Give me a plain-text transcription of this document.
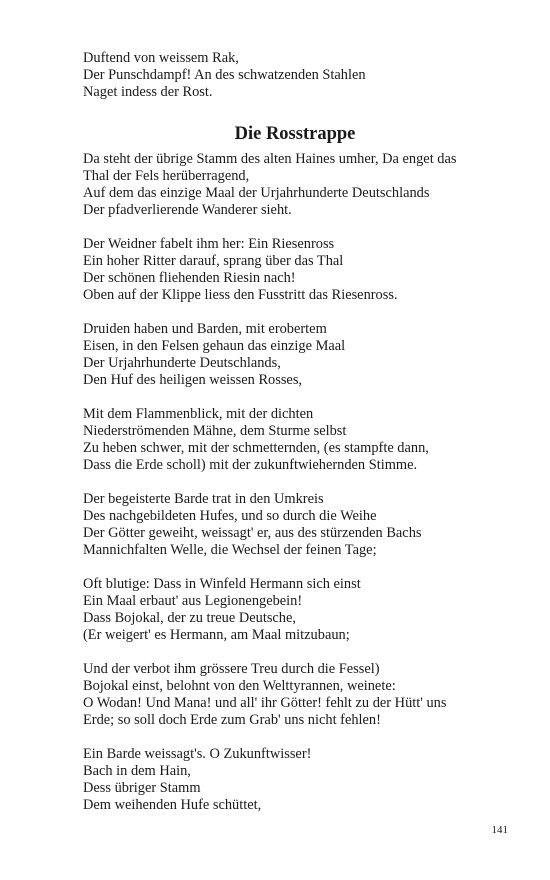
Duftend von weissem Rak,
Der Punschdampf! An des schwatzenden Stahlen
Naget indess der Rost.
Die Rosstrappe
Da steht der übrige Stamm des alten Haines umher, Da enget das
Thal der Fels herüberragend,
Auf dem das einzige Maal der Urjahrhunderte Deutschlands
Der pfadverlierende Wanderer sieht.
Der Weidner fabelt ihm her: Ein Riesenross
Ein hoher Ritter darauf, sprang über das Thal
Der schönen fliehenden Riesin nach!
Oben auf der Klippe liess den Fusstritt das Riesenross.
Druiden haben und Barden, mit erobertem
Eisen, in den Felsen gehaun das einzige Maal
Der Urjahrhunderte Deutschlands,
Den Huf des heiligen weissen Rosses,
Mit dem Flammenblick, mit der dichten
Niederströmenden Mähne, dem Sturme selbst
Zu heben schwer, mit der schmetternden, (es stampfte dann,
Dass die Erde scholl) mit der zukunftwiehernden Stimme.
Der begeisterte Barde trat in den Umkreis
Des nachgebildeten Hufes, und so durch die Weihe
Der Götter geweiht, weissagt' er, aus des stürzenden Bachs
Mannichfalten Welle, die Wechsel der feinen Tage;
Oft blutige: Dass in Winfeld Hermann sich einst
Ein Maal erbaut' aus Legionengebein!
Dass Bojokal, der zu treue Deutsche,
(Er weigert' es Hermann, am Maal mitzubaun;
Und der verbot ihm grössere Treu durch die Fessel)
Bojokal einst, belohnt von den Welttyrannen, weinete:
O Wodan! Und Mana! und all' ihr Götter! fehlt zu der Hütt' uns
Erde; so soll doch Erde zum Grab' uns nicht fehlen!
Ein Barde weissagt's. O Zukunftwisser!
Bach in dem Hain,
Dess übriger Stamm
Dem weihenden Hufe schüttet,
141
